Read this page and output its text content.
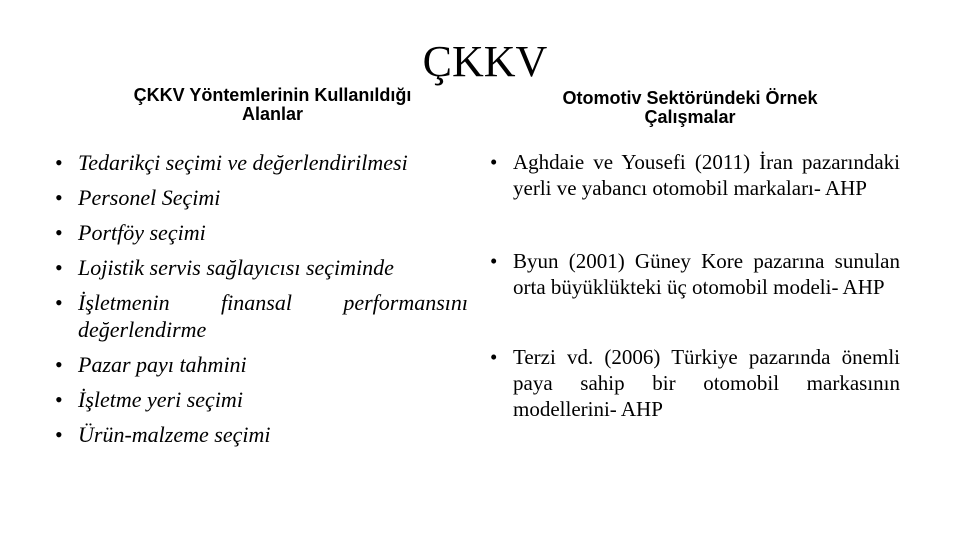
ÇKKV
ÇKKV Yöntemlerinin Kullanıldığı
Alanlar
Otomotiv Sektöründeki Örnek
Çalışmalar
• Tedarikçi seçimi ve değerlendirilmesi
• Personel Seçimi
• Portföy seçimi
• Lojistik servis sağlayıcısı seçiminde
• İşletmenin finansal performansını değerlendirme
• Pazar payı tahmini
• İşletme yeri seçimi
• Ürün-malzeme seçimi
• Aghdaie ve Yousefi (2011) İran pazarındaki yerli ve yabancı otomobil markaları- AHP
• Byun (2001) Güney Kore pazarına sunulan orta büyüklükteki üç otomobil modeli- AHP
• Terzi vd. (2006) Türkiye pazarında önemli paya sahip bir otomobil markasının modellerini- AHP
